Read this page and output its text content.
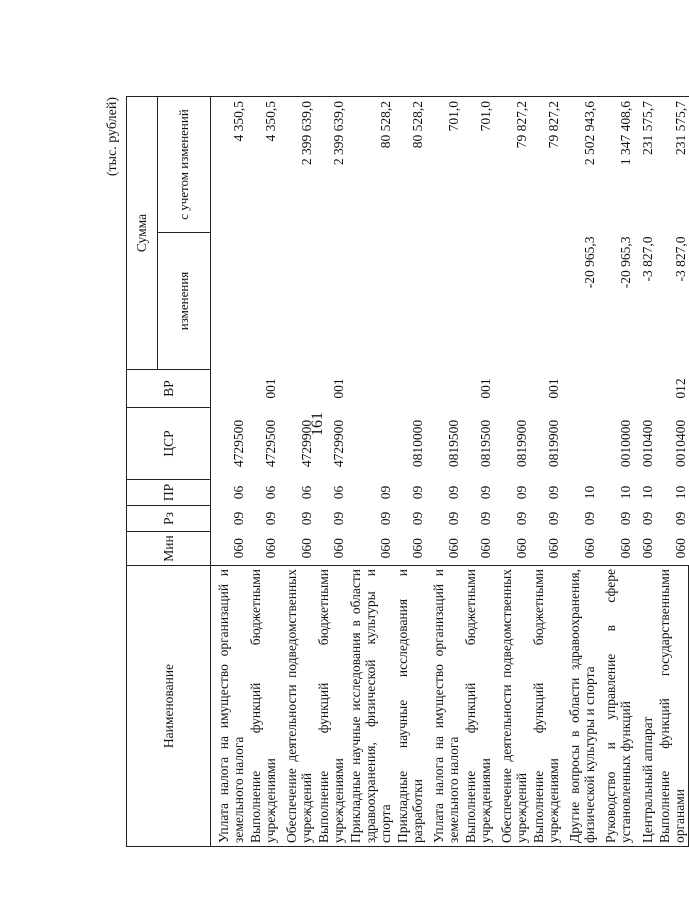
161
(тыс. рублей)
Наименование	Мин	Рз	ПР	ЦСР	ВР	Сумма	
						изменения	с учетом изменений
Уплата налога на имущество организаций и земельного налога	060	09	06	4729500			4 350,5
Выполнение функций бюджетными учреждениями	060	09	06	4729500	001		4 350,5
Обеспечение деятельности подведомственных учреждений	060	09	06	4729900			2 399 639,0
Выполнение функций бюджетными учреждениями	060	09	06	4729900	001		2 399 639,0
Прикладные научные исследования в области здравоохранения, физической культуры и спорта	060	09	09				80 528,2
Прикладные научные исследования и разработки	060	09	09	0810000			80 528,2
Уплата налога на имущество организаций и земельного налога	060	09	09	0819500			701,0
Выполнение функций бюджетными учреждениями	060	09	09	0819500	001		701,0
Обеспечение деятельности подведомственных учреждений	060	09	09	0819900			79 827,2
Выполнение функций бюджетными учреждениями	060	09	09	0819900	001		79 827,2
Другие вопросы в области здравоохранения, физической культуры и спорта	060	09	10			-20 965,3	2 502 943,6
Руководство и управление в сфере установленных функций	060	09	10	0010000		-20 965,3	1 347 408,6
Центральный аппарат	060	09	10	0010400		-3 827,0	231 575,7
Выполнение функций государственными органами	060	09	10	0010400	012	-3 827,0	231 575,7
